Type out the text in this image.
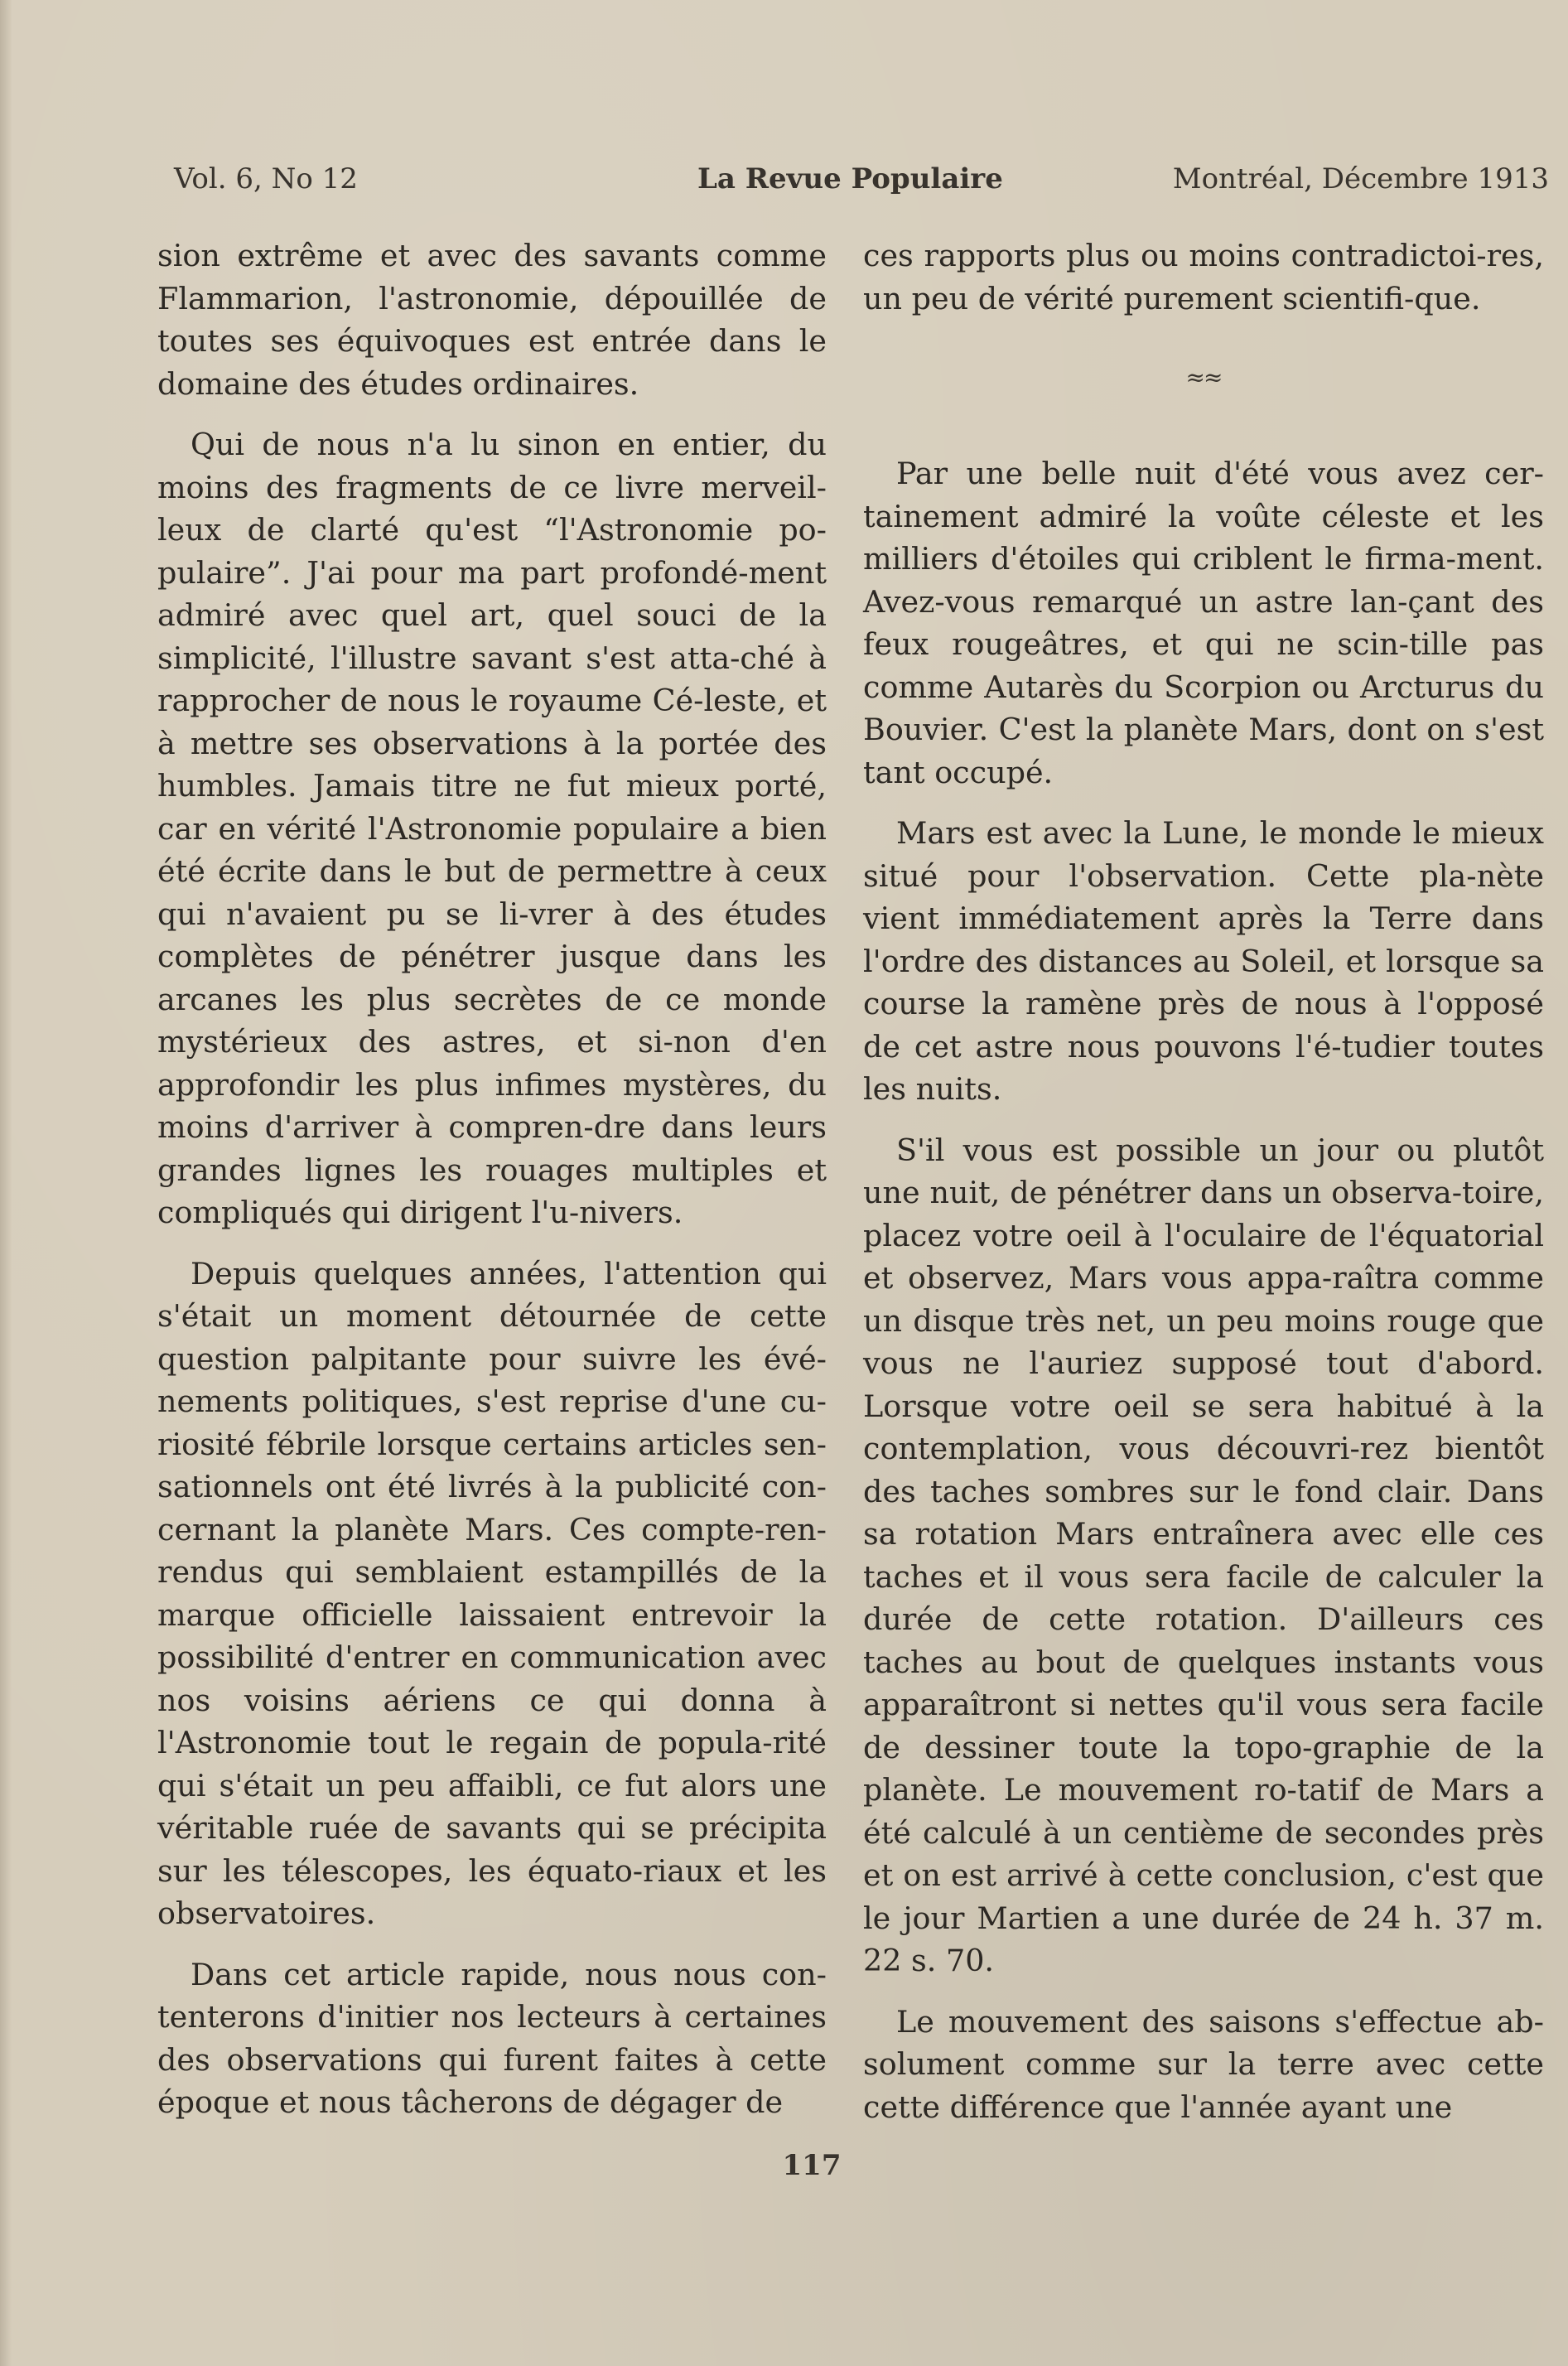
Vol. 6, No 12	La Revue Populaire	Montréal, Décembre 1913

sion extrême et avec des savants comme Flammarion, l'astronomie, dépouillée de toutes ses équivoques est entrée dans le domaine des études ordinaires.

Qui de nous n'a lu sinon en entier, du moins des fragments de ce livre merveil-leux de clarté qu'est “l'Astronomie po-pulaire”. J'ai pour ma part profondé-ment admiré avec quel art, quel souci de la simplicité, l'illustre savant s'est atta-ché à rapprocher de nous le royaume Cé-leste, et à mettre ses observations à la portée des humbles. Jamais titre ne fut mieux porté, car en vérité l'Astronomie populaire a bien été écrite dans le but de permettre à ceux qui n'avaient pu se li-vrer à des études complètes de pénétrer jusque dans les arcanes les plus secrètes de ce monde mystérieux des astres, et si-non d'en approfondir les plus infimes mystères, du moins d'arriver à compren-dre dans leurs grandes lignes les rouages multiples et compliqués qui dirigent l'u-nivers.

Depuis quelques années, l'attention qui s'était un moment détournée de cette question palpitante pour suivre les évé-nements politiques, s'est reprise d'une cu-riosité fébrile lorsque certains articles sen-sationnels ont été livrés à la publicité con-cernant la planète Mars. Ces compte-ren-rendus qui semblaient estampillés de la marque officielle laissaient entrevoir la possibilité d'entrer en communication avec nos voisins aériens ce qui donna à l'Astronomie tout le regain de popula-rité qui s'était un peu affaibli, ce fut alors une véritable ruée de savants qui se précipita sur les télescopes, les équato-riaux et les observatoires.

Dans cet article rapide, nous nous con-tenterons d'initier nos lecteurs à certaines des observations qui furent faites à cette époque et nous tâcherons de dégager de

ces rapports plus ou moins contradictoi-res, un peu de vérité purement scientifi-que.

≈≈

Par une belle nuit d'été vous avez cer-tainement admiré la voûte céleste et les milliers d'étoiles qui criblent le firma-ment. Avez-vous remarqué un astre lan-çant des feux rougeâtres, et qui ne scin-tille pas comme Autarès du Scorpion ou Arcturus du Bouvier. C'est la planète Mars, dont on s'est tant occupé.

Mars est avec la Lune, le monde le mieux situé pour l'observation. Cette pla-nète vient immédiatement après la Terre dans l'ordre des distances au Soleil, et lorsque sa course la ramène près de nous à l'opposé de cet astre nous pouvons l'é-tudier toutes les nuits.

S'il vous est possible un jour ou plutôt une nuit, de pénétrer dans un observa-toire, placez votre oeil à l'oculaire de l'équatorial et observez, Mars vous appa-raîtra comme un disque très net, un peu moins rouge que vous ne l'auriez supposé tout d'abord. Lorsque votre oeil se sera habitué à la contemplation, vous découvri-rez bientôt des taches sombres sur le fond clair. Dans sa rotation Mars entraînera avec elle ces taches et il vous sera facile de calculer la durée de cette rotation. D'ailleurs ces taches au bout de quelques instants vous apparaîtront si nettes qu'il vous sera facile de dessiner toute la topo-graphie de la planète. Le mouvement ro-tatif de Mars a été calculé à un centième de secondes près et on est arrivé à cette conclusion, c'est que le jour Martien a une durée de 24 h. 37 m. 22 s. 70.

Le mouvement des saisons s'effectue ab-solument comme sur la terre avec cette cette différence que l'année ayant une

117
